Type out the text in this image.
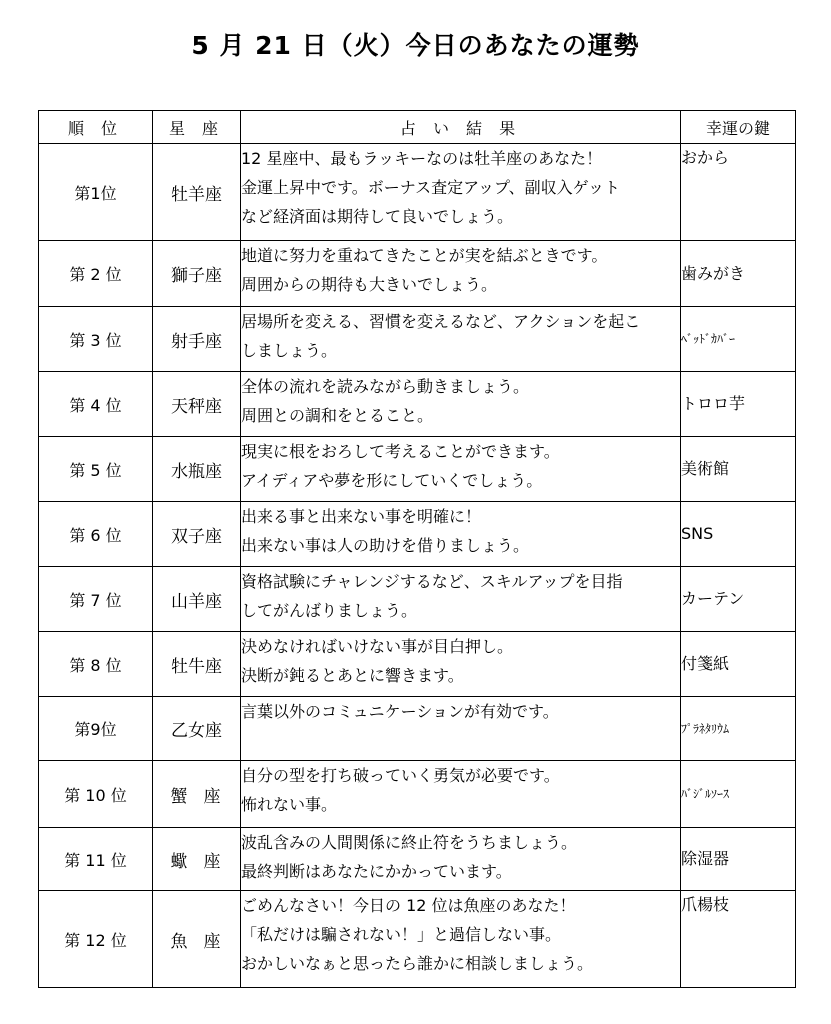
5 月 21 日（火）今日のあなたの運勢
順 位	星 座	占 い 結 果	幸運の鍵
第1位	牡羊座	12 星座中、最もラッキーなのは牡羊座のあなた！
金運上昇中です。ボーナス査定アップ、副収入ゲット
など経済面は期待して良いでしょう。	おから
第 2 位	獅子座	地道に努力を重ねてきたことが実を結ぶときです。
周囲からの期待も大きいでしょう。	歯みがき
第 3 位	射手座	居場所を変える、習慣を変えるなど、アクションを起こ
しましょう。	ﾍﾞｯﾄﾞｶﾊﾞｰ
第 4 位	天秤座	全体の流れを読みながら動きましょう。
周囲との調和をとること。	トロロ芋
第 5 位	水瓶座	現実に根をおろして考えることができます。
アイディアや夢を形にしていくでしょう。	美術館
第 6 位	双子座	出来る事と出来ない事を明確に！
出来ない事は人の助けを借りましょう。	SNS
第 7 位	山羊座	資格試験にチャレンジするなど、スキルアップを目指
してがんばりましょう。	カーテン
第 8 位	牡牛座	決めなければいけない事が目白押し。
決断が鈍るとあとに響きます。	付箋紙
第9位	乙女座	言葉以外のコミュニケーションが有効です。	ﾌﾟﾗﾈﾀﾘｳﾑ
第 10 位	蟹座	自分の型を打ち破っていく勇気が必要です。
怖れない事。	ﾊﾞｼﾞﾙｿｰｽ
第 11 位	蠍座	波乱含みの人間関係に終止符をうちましょう。
最終判断はあなたにかかっています。	除湿器
第 12 位	魚座	ごめんなさい！今日の 12 位は魚座のあなた！
「私だけは騙されない！」と過信しない事。
おかしいなぁと思ったら誰かに相談しましょう。	爪楊枝
